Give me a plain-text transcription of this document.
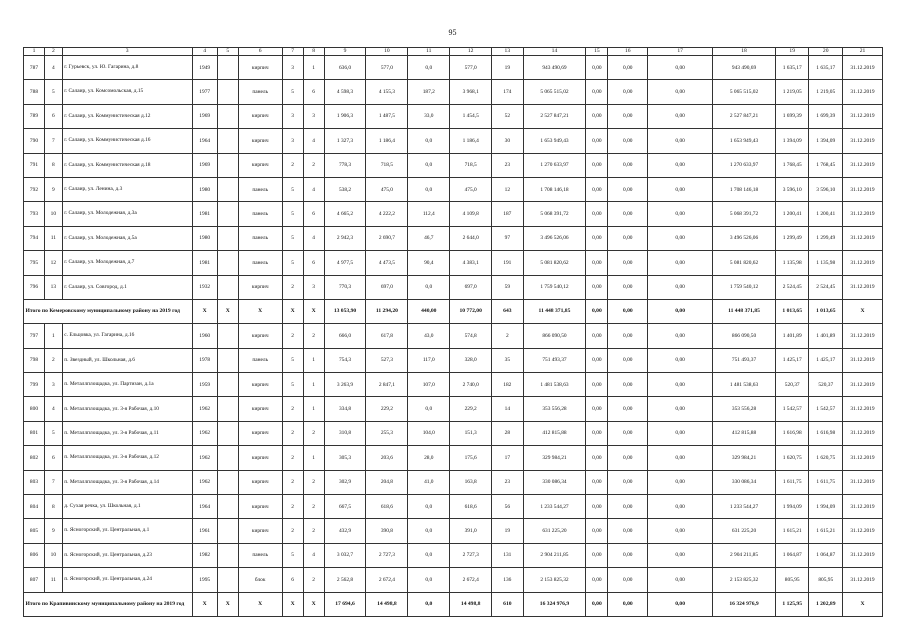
95
1	2	3	4	5	6	7	8	9	10	11	12	13	14	15	16	17	18	19	20	21
787	4	г. Гурьевск, ул. Ю. Гагарина, д.8	1949		кирпич	3	1	636,0	577,0	0,0	577,0	19	943 490,69	0,00	0,00	0,00	943 490,69	1 635,17	1 635,17	31.12.2019
788	5	г. Салаир, ул. Комсомольская, д.15	1977		панель	5	6	4 598,3	4 155,3	187,2	3 968,1	174	5 065 515,02	0,00	0,00	0,00	5 065 515,02	1 219,05	1 219,05	31.12.2019
789	6	г. Салаир, ул. Коммунистическая д.12	1969		кирпич	3	3	1 906,3	1 487,5	33,0	1 454,5	52	2 527 847,21	0,00	0,00	0,00	2 527 847,21	1 699,39	1 699,39	31.12.2019
790	7	г. Салаир, ул. Коммунистическая д.16	1964		кирпич	3	4	1 327,3	1 186,4	0,0	1 186,4	30	1 653 949,43	0,00	0,00	0,00	1 653 949,43	1 394,09	1 394,09	31.12.2019
791	8	г. Салаир, ул. Коммунистическая д.18	1969		кирпич	2	2	778,3	718,5	0,0	718,5	23	1 270 633,97	0,00	0,00	0,00	1 270 633,97	1 768,45	1 768,45	31.12.2019
792	9	г. Салаир, ул. Ленина, д.3	1980		панель	5	4	538,2	475,0	0,0	475,0	12	1 708 146,18	0,00	0,00	0,00	1 708 146,18	3 596,10	3 596,10	31.12.2019
793	10	г. Салаир, ул. Молодежная, д.3а	1981		панель	5	6	4 665,2	4 222,2	112,4	4 109,8	187	5 068 391,72	0,00	0,00	0,00	5 068 391,72	1 200,41	1 200,41	31.12.2019
794	11	г. Салаир, ул. Молодежная, д.5а	1980		панель	5	4	2 942,3	2 690,7	46,7	2 644,0	97	3 496 526,06	0,00	0,00	0,00	3 496 526,06	1 299,49	1 299,49	31.12.2019
795	12	г. Салаир, ул. Молодежная, д.7	1981		панель	5	6	4 977,5	4 473,5	90,4	4 383,1	191	5 081 820,62	0,00	0,00	0,00	5 081 820,62	1 135,98	1 135,98	31.12.2019
796	13	г. Салаир, ул. Совгород, д.1	1932		кирпич	2	3	770,3	697,0	0,0	697,0	59	1 759 540,12	0,00	0,00	0,00	1 759 540,12	2 524,45	2 524,45	31.12.2019
Итого по Кемеровскому муниципальному району на 2019 год			X	X	X	X	X	13 053,90	11 294,20	440,00	10 772,00	643	11 448 371,85	0,00	0,00	0,00	11 448 371,85	1 013,65	1 013,65	X
797	1	с. Ельцовка, ул. Гагарина, д.16	1960		кирпич	2	2	666,0	617,8	43,0	574,8	2	866 090,50	0,00	0,00	0,00	866 090,50	1 401,89	1 401,89	31.12.2019
798	2	п. Звездный, ул. Школьная, д.6	1978		панель	5	1	754,3	527,3	117,0	328,0	35	751 493,37	0,00	0,00	0,00	751 493,37	1 425,17	1 425,17	31.12.2019
799	3	п. Металлплощадка, ул. Партизан, д.1а	1959		кирпич	5	1	3 263,9	2 847,1	107,0	2 740,0	182	1 481 538,63	0,00	0,00	0,00	1 481 538,63	520,37	520,37	31.12.2019
800	4	п. Металлплощадка, ул. 3-я Рабочая, д.10	1962		кирпич	2	1	334,8	229,2	0,0	229,2	14	353 556,28	0,00	0,00	0,00	353 556,28	1 542,57	1 542,57	31.12.2019
801	5	п. Металлплощадка, ул. 3-я Рабочая, д.11	1962		кирпич	2	2	310,8	255,3	104,0	151,3	28	412 815,88	0,00	0,00	0,00	412 815,88	1 616,98	1 616,98	31.12.2019
802	6	п. Металлплощадка, ул. 3-я Рабочая, д.12	1962		кирпич	2	1	305,3	203,6	28,0	175,6	17	329 984,21	0,00	0,00	0,00	329 984,21	1 620,75	1 620,75	31.12.2019
803	7	п. Металлплощадка, ул. 3-я Рабочая, д.14	1962		кирпич	2	2	302,9	204,8	41,0	163,8	23	330 086,34	0,00	0,00	0,00	330 086,34	1 611,75	1 611,75	31.12.2019
804	8	д. Сухая речка, ул. Школьная, д.1	1964		кирпич	2	2	667,5	618,6	0,0	618,6	56	1 233 544,27	0,00	0,00	0,00	1 233 544,27	1 994,09	1 994,09	31.12.2019
805	9	п. Ясногорский, ул. Центральная, д.1	1961		кирпич	2	2	432,9	390,8	0,0	391,0	19	631 225,20	0,00	0,00	0,00	631 225,20	1 615,21	1 615,21	31.12.2019
806	10	п. Ясногорский, ул. Центральная, д.23	1982		панель	5	4	3 032,7	2 727,3	0,0	2 727,3	131	2 904 211,85	0,00	0,00	0,00	2 904 211,85	1 064,87	1 064,87	31.12.2019
807	11	п. Ясногорский, ул. Центральная, д.24	1995		блок	6	2	2 562,8	2 672,4	0,0	2 672,4	136	2 153 825,32	0,00	0,00	0,00	2 153 825,32	805,95	805,95	31.12.2019
Итого по Крапивинскому муниципальному району на 2019 год			X	X	X	X	X	17 694,6	14 498,8	0,0	14 498,8	610	16 324 976,9	0,00	0,00	0,00	16 324 976,9	1 125,95	1 202,89	X
